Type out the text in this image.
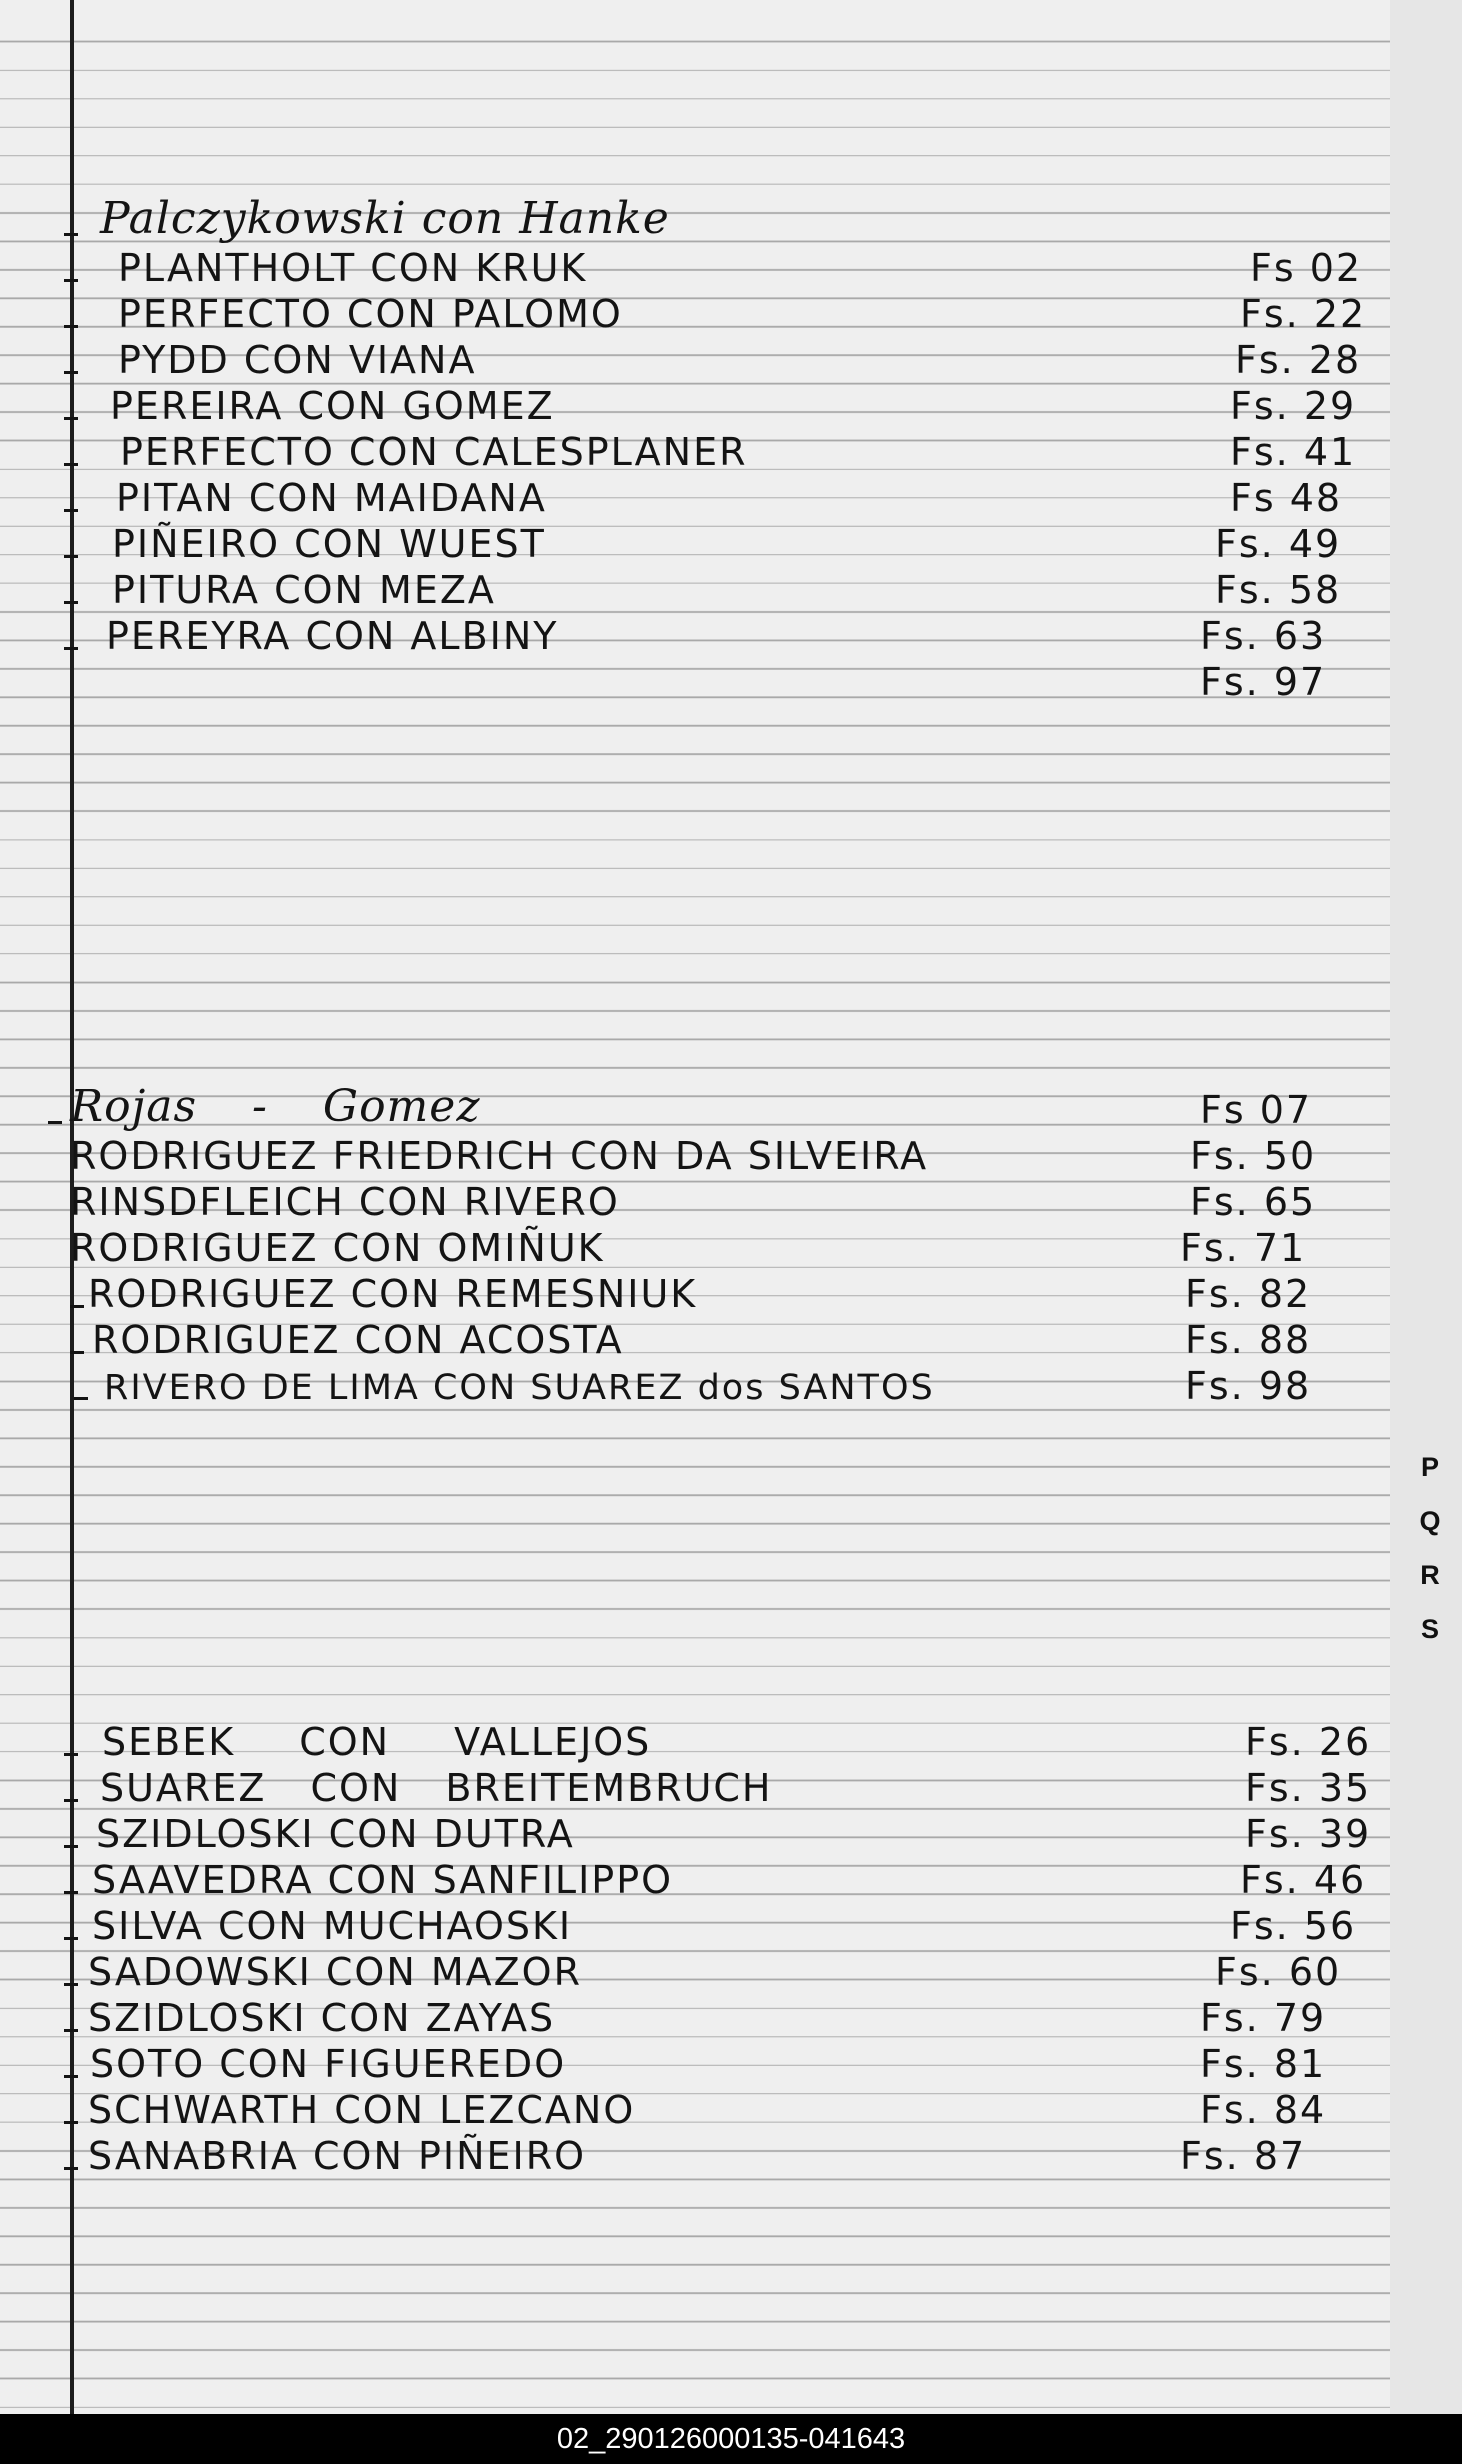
Palczykowski con Hanke
PLANTHOLT CON KRUK	Fs 02
PERFECTO CON PALOMO	Fs. 22
PYDD CON VIANA	Fs. 28
PEREIRA CON GOMEZ	Fs. 29
PERFECTO CON CALESPLANER	Fs. 41
PITAN CON MAIDANA	Fs 48
PIÑEIRO CON WUEST	Fs. 49
PITURA CON MEZA	Fs. 58
PEREYRA CON ALBINY	Fs. 63
Fs. 97
Rojas - Gomez	Fs 07
RODRIGUEZ FRIEDRICH CON DA SILVEIRA	Fs. 50
RINSDFLEICH CON RIVERO	Fs. 65
RODRIGUEZ CON OMIÑUK	Fs. 71
RODRIGUEZ CON REMESNIUK	Fs. 82
RODRIGUEZ CON ACOSTA	Fs. 88
RIVERO DE LIMA CON SUAREZ dos SANTOS	Fs. 98
SEBEK CON VALLEJOS	Fs. 26
SUAREZ CON BREITEMBRUCH	Fs. 35
SZIDLOSKI CON DUTRA	Fs. 39
SAAVEDRA CON SANFILIPPO	Fs. 46
SILVA CON MUCHAOSKI	Fs. 56
SADOWSKI CON MAZOR	Fs. 60
SZIDLOSKI CON ZAYAS	Fs. 79
SOTO CON FIGUEREDO	Fs. 81
SCHWARTH CON LEZCANO	Fs. 84
SANABRIA CON PIÑEIRO	Fs. 87
P
Q
R
S
02_290126000135-041643
